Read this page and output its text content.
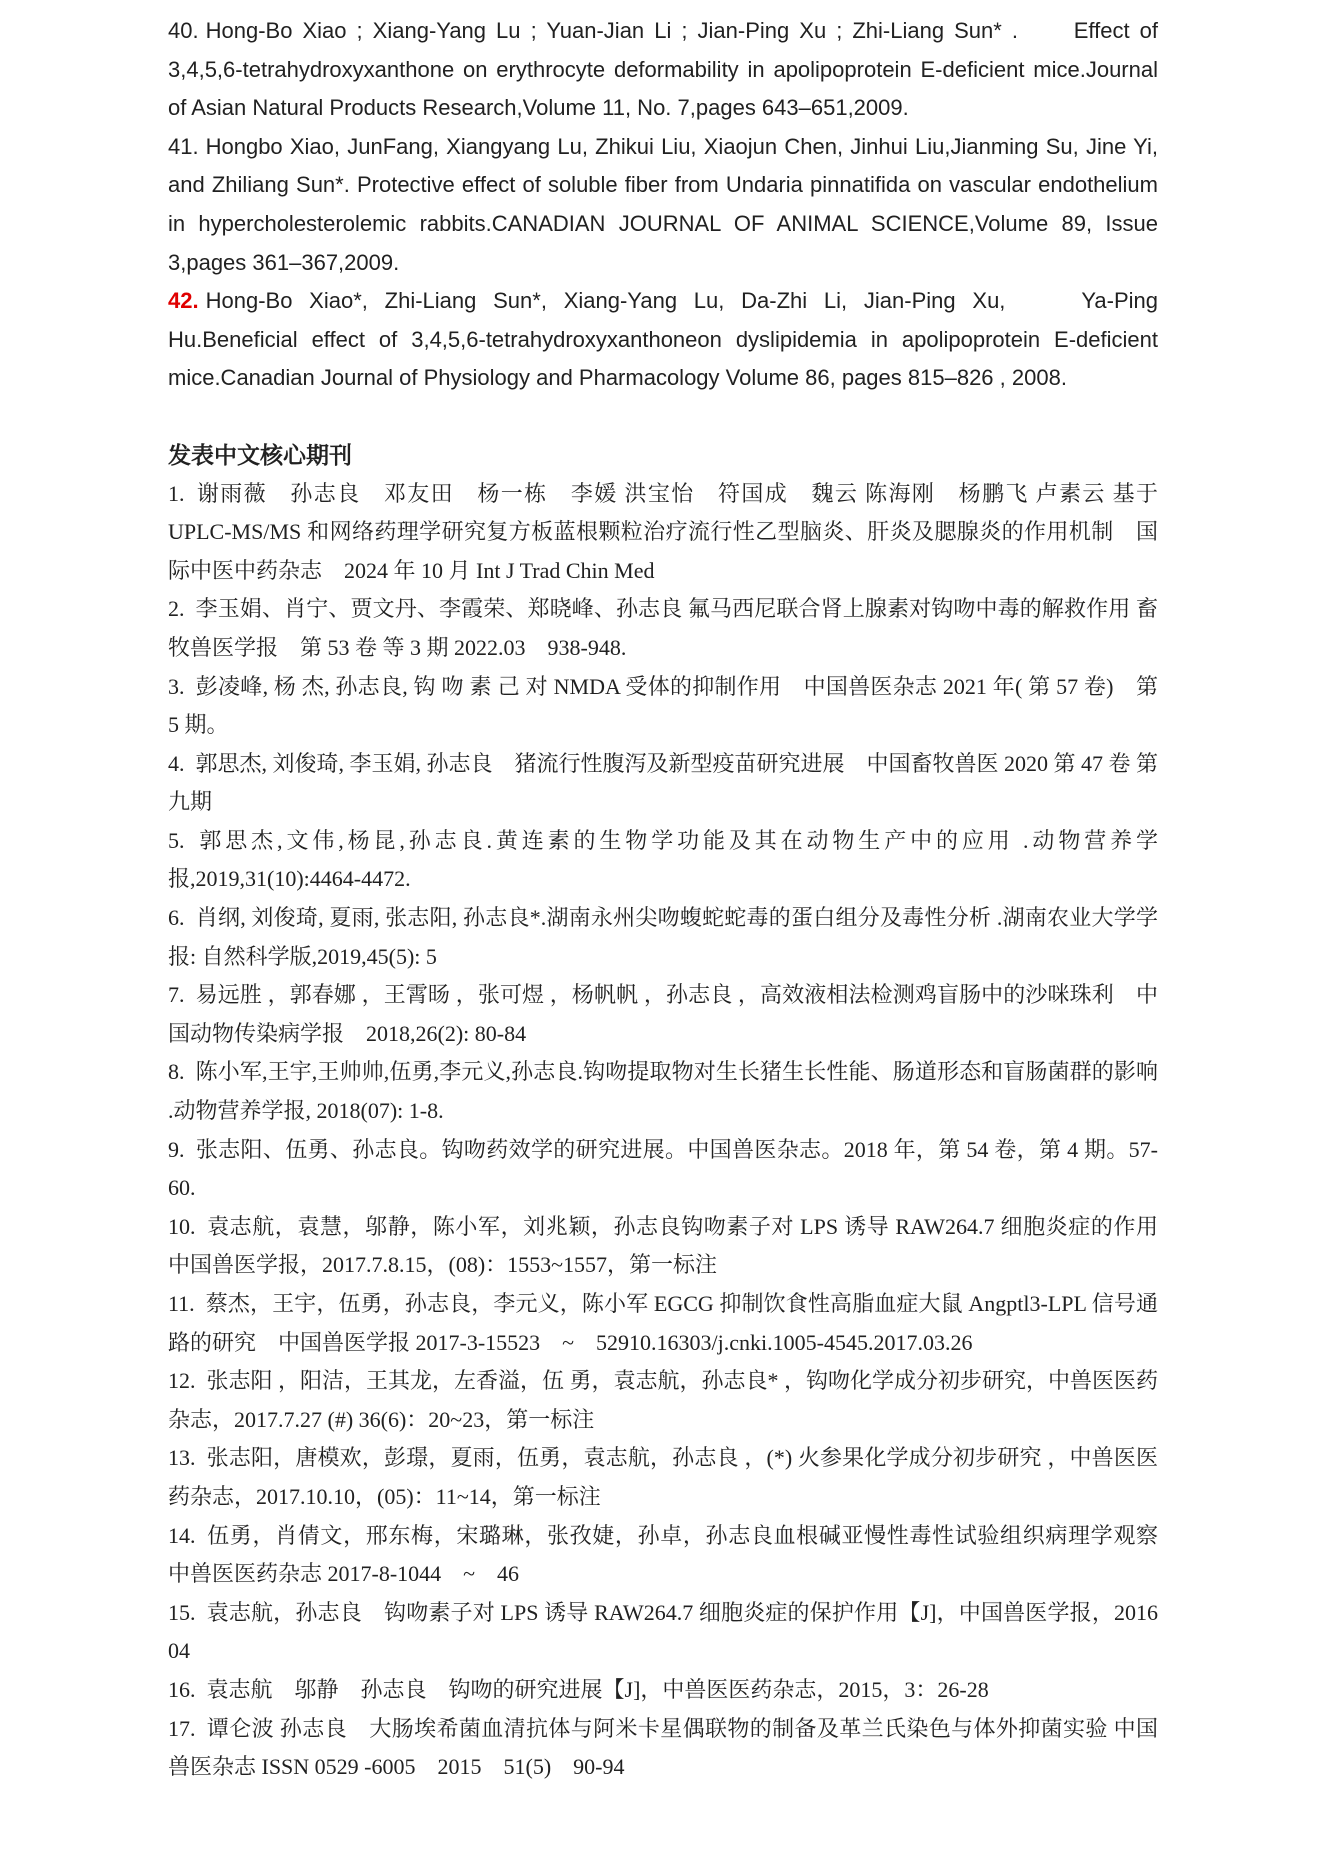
40. Hong-Bo Xiao ; Xiang-Yang Lu ; Yuan-Jian Li ; Jian-Ping Xu ; Zhi-Liang Sun* .　　Effect of 3,4,5,6-tetrahydroxyxanthone on erythrocyte deformability in apolipoprotein E-deficient mice.Journal of Asian Natural Products Research,Volume 11, No. 7,pages 643–651,2009.

41. Hongbo Xiao, JunFang, Xiangyang Lu, Zhikui Liu, Xiaojun Chen, Jinhui Liu,Jianming Su, Jine Yi, and Zhiliang Sun*. Protective effect of soluble fiber from Undaria pinnatifida on vascular endothelium in hypercholesterolemic rabbits.CANADIAN JOURNAL OF ANIMAL SCIENCE,Volume 89, Issue 3,pages 361–367,2009.

42. Hong-Bo Xiao*, Zhi-Liang Sun*, Xiang-Yang Lu, Da-Zhi Li, Jian-Ping Xu,　　Ya-Ping Hu.Beneficial effect of 3,4,5,6-tetrahydroxyxanthoneon dyslipidemia in apolipoprotein E-deficient mice.Canadian Journal of Physiology and Pharmacology Volume 86, pages 815–826 , 2008.

发表中文核心期刊

1. 谢雨薇　孙志良　邓友田　杨一栋　李媛 洪宝怡　符国成　魏云 陈海刚　杨鹏飞 卢素云 基于 UPLC-MS/MS 和网络药理学研究复方板蓝根颗粒治疗流行性乙型脑炎、肝炎及腮腺炎的作用机制　国际中医中药杂志　2024 年 10 月 Int J Trad Chin Med

2. 李玉娟、肖宁、贾文丹、李霞荣、郑晓峰、孙志良 氟马西尼联合肾上腺素对钩吻中毒的解救作用 畜牧兽医学报　第 53 卷 等 3 期 2022.03　938-948.

3. 彭凌峰, 杨 杰, 孙志良, 钩 吻 素 己 对 NMDA 受体的抑制作用　中国兽医杂志 2021 年( 第 57 卷)　第 5 期。

4. 郭思杰, 刘俊琦, 李玉娟, 孙志良　猪流行性腹泻及新型疫苗研究进展　中国畜牧兽医 2020 第 47 卷 第九期

5. 郭思杰,文伟,杨昆,孙志良.黄连素的生物学功能及其在动物生产中的应用 .动物营养学报,2019,31(10):4464-4472.

6. 肖纲, 刘俊琦, 夏雨, 张志阳, 孙志良*.湖南永州尖吻蝮蛇蛇毒的蛋白组分及毒性分析 .湖南农业大学学报: 自然科学版,2019,45(5): 5

7. 易远胜 ，郭春娜 ，王霄旸 ，张可煜 ，杨帆帆 ，孙志良 ，高效液相法检测鸡盲肠中的沙咪珠利　中国动物传染病学报　2018,26(2): 80-84

8. 陈小军,王宇,王帅帅,伍勇,李元义,孙志良.钩吻提取物对生长猪生长性能、肠道形态和盲肠菌群的影响 .动物营养学报, 2018(07): 1-8.

9. 张志阳、伍勇、孙志良。钩吻药效学的研究进展。中国兽医杂志。2018 年，第 54 卷，第 4 期。57-60.

10. 袁志航，袁慧，邬静，陈小军，刘兆颖，孙志良钩吻素子对 LPS 诱导 RAW264.7 细胞炎症的作用　中国兽医学报，2017.7.8.15，(08)：1553~1557，第一标注

11. 蔡杰，王宇，伍勇，孙志良，李元义，陈小军 EGCG 抑制饮食性高脂血症大鼠 Angptl3-LPL 信号通路的研究　中国兽医学报 2017-3-15523　~　52910.16303/j.cnki.1005-4545.2017.03.26

12. 张志阳 ，阳洁，王其龙，左香溢，伍 勇，袁志航，孙志良* ，钩吻化学成分初步研究，中兽医医药杂志，2017.7.27 (#) 36(6)：20~23，第一标注

13. 张志阳，唐模欢，彭璟，夏雨，伍勇，袁志航，孙志良 ，(*) 火参果化学成分初步研究 ，中兽医医药杂志，2017.10.10，(05)：11~14，第一标注

14. 伍勇，肖倩文，邢东梅，宋璐琳，张孜婕，孙卓，孙志良血根碱亚慢性毒性试验组织病理学观察　中兽医医药杂志 2017-8-1044　~　46

15. 袁志航，孙志良　钩吻素子对 LPS 诱导 RAW264.7 细胞炎症的保护作用【J]，中国兽医学报，2016 04

16. 袁志航　邬静　孙志良　钩吻的研究进展【J]，中兽医医药杂志，2015，3：26-28

17. 谭仑波 孙志良　大肠埃希菌血清抗体与阿米卡星偶联物的制备及革兰氏染色与体外抑菌实验 中国兽医杂志 ISSN 0529 -6005　2015　51(5)　90-94
